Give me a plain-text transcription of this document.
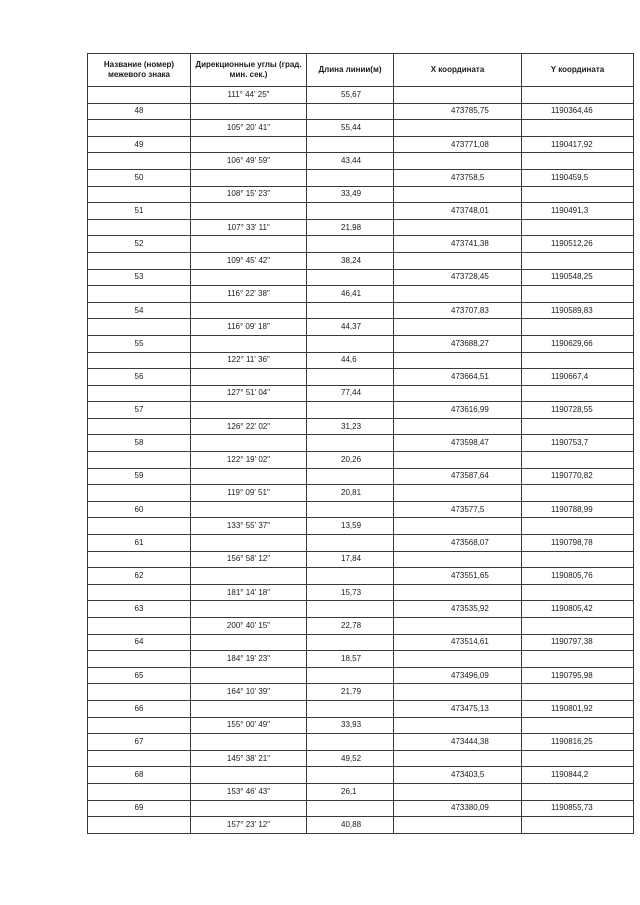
Название (номер) межевого знака	Дирекционные углы (град. мин. сек.)	Длина линии(м)	X координата	Y координата
	111° 44' 25"	55,67		
48			473785,75	1190364,46
	105° 20' 41"	55,44		
49			473771,08	1190417,92
	106° 49' 59"	43,44		
50			473758,5	1190459,5
	108° 15' 23"	33,49		
51			473748,01	1190491,3
	107° 33' 11"	21,98		
52			473741,38	1190512,26
	109° 45' 42"	38,24		
53			473728,45	1190548,25
	116° 22' 38"	46,41		
54			473707,83	1190589,83
	116° 09' 18"	44,37		
55			473688,27	1190629,66
	122° 11' 36"	44,6		
56			473664,51	1190667,4
	127° 51' 04"	77,44		
57			473616,99	1190728,55
	126° 22' 02"	31,23		
58			473598,47	1190753,7
	122° 19' 02"	20,26		
59			473587,64	1190770,82
	119° 09' 51"	20,81		
60			473577,5	1190788,99
	133° 55' 37"	13,59		
61			473568,07	1190798,78
	156° 58' 12"	17,84		
62			473551,65	1190805,76
	181° 14' 18"	15,73		
63			473535,92	1190805,42
	200° 40' 15"	22,78		
64			473514,61	1190797,38
	184° 19' 23"	18,57		
65			473496,09	1190795,98
	164° 10' 39"	21,79		
66			473475,13	1190801,92
	155° 00' 49"	33,93		
67			473444,38	1190816,25
	145° 38' 21"	49,52		
68			473403,5	1190844,2
	153° 46' 43"	26,1		
69			473380,09	1190855,73
	157° 23' 12"	40,88		
